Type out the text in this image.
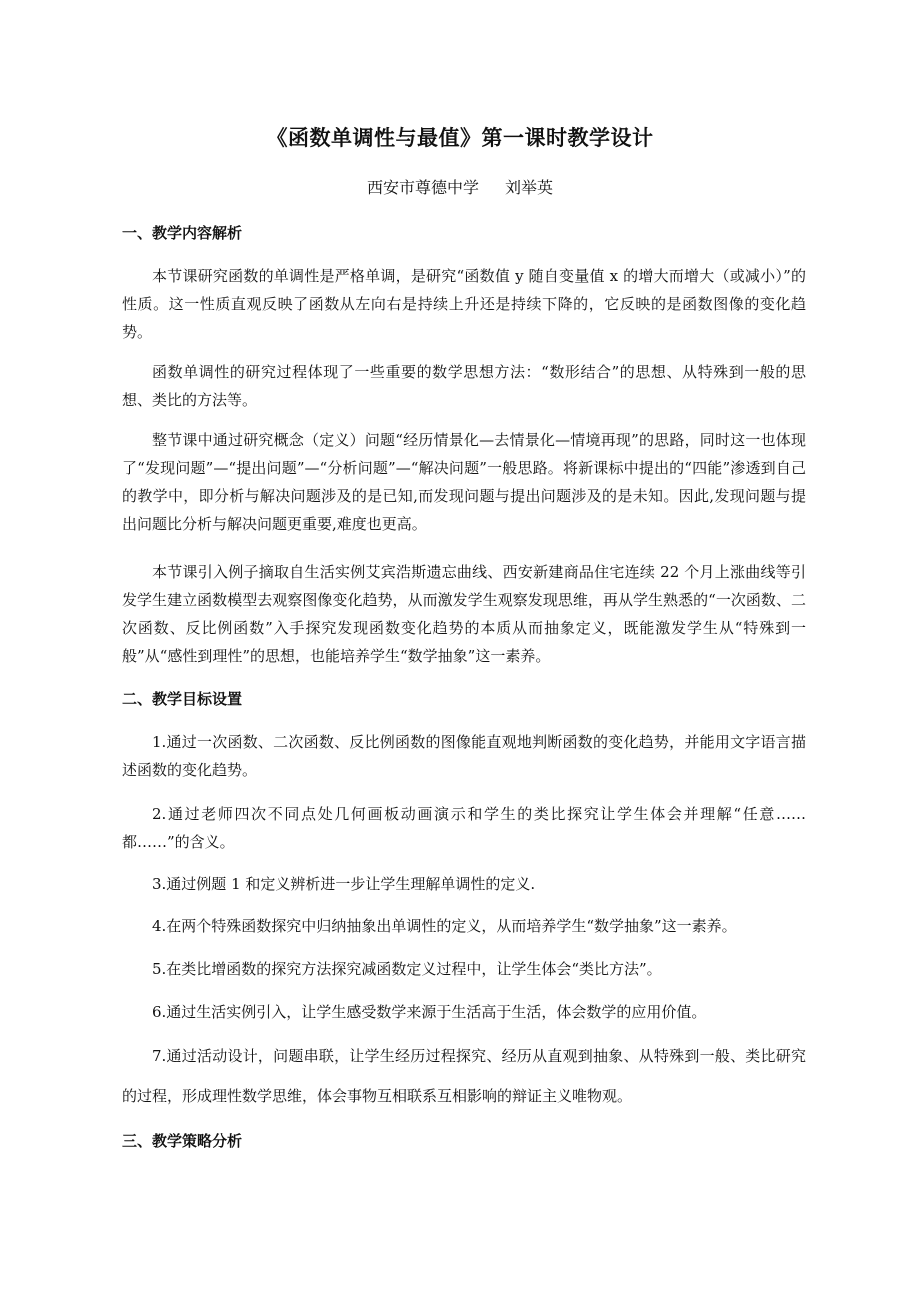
《函数单调性与最值》第一课时教学设计
西安市尊德中学 刘举英
一、教学内容解析

本节课研究函数的单调性是严格单调，是研究“函数值 y 随自变量值 x 的增大而增大（或减小）”的性质。这一性质直观反映了函数从左向右是持续上升还是持续下降的，它反映的是函数图像的变化趋势。

函数单调性的研究过程体现了一些重要的数学思想方法：“数形结合”的思想、从特殊到一般的思想、类比的方法等。

整节课中通过研究概念（定义）问题“经历情景化—去情景化—情境再现”的思路，同时这一也体现了“发现问题”—“提出问题”—“分析问题”—“解决问题”一般思路。将新课标中提出的“四能”渗透到自己的教学中，即分析与解决问题涉及的是已知,而发现问题与提出问题涉及的是未知。因此,发现问题与提出问题比分析与解决问题更重要,难度也更高。

本节课引入例子摘取自生活实例艾宾浩斯遗忘曲线、西安新建商品住宅连续 22 个月上涨曲线等引发学生建立函数模型去观察图像变化趋势，从而激发学生观察发现思维，再从学生熟悉的“一次函数、二次函数、反比例函数”入手探究发现函数变化趋势的本质从而抽象定义，既能激发学生从“特殊到一般”从“感性到理性”的思想，也能培养学生“数学抽象”这一素养。

二、教学目标设置

1.通过一次函数、二次函数、反比例函数的图像能直观地判断函数的变化趋势，并能用文字语言描述函数的变化趋势。

2.通过老师四次不同点处几何画板动画演示和学生的类比探究让学生体会并理解“任意……都……”的含义。

3.通过例题 1 和定义辨析进一步让学生理解单调性的定义.

4.在两个特殊函数探究中归纳抽象出单调性的定义，从而培养学生“数学抽象”这一素养。

5.在类比增函数的探究方法探究减函数定义过程中，让学生体会“类比方法”。

6.通过生活实例引入，让学生感受数学来源于生活高于生活，体会数学的应用价值。

7.通过活动设计，问题串联，让学生经历过程探究、经历从直观到抽象、从特殊到一般、类比研究的过程，形成理性数学思维，体会事物互相联系互相影响的辩证主义唯物观。

三、教学策略分析
